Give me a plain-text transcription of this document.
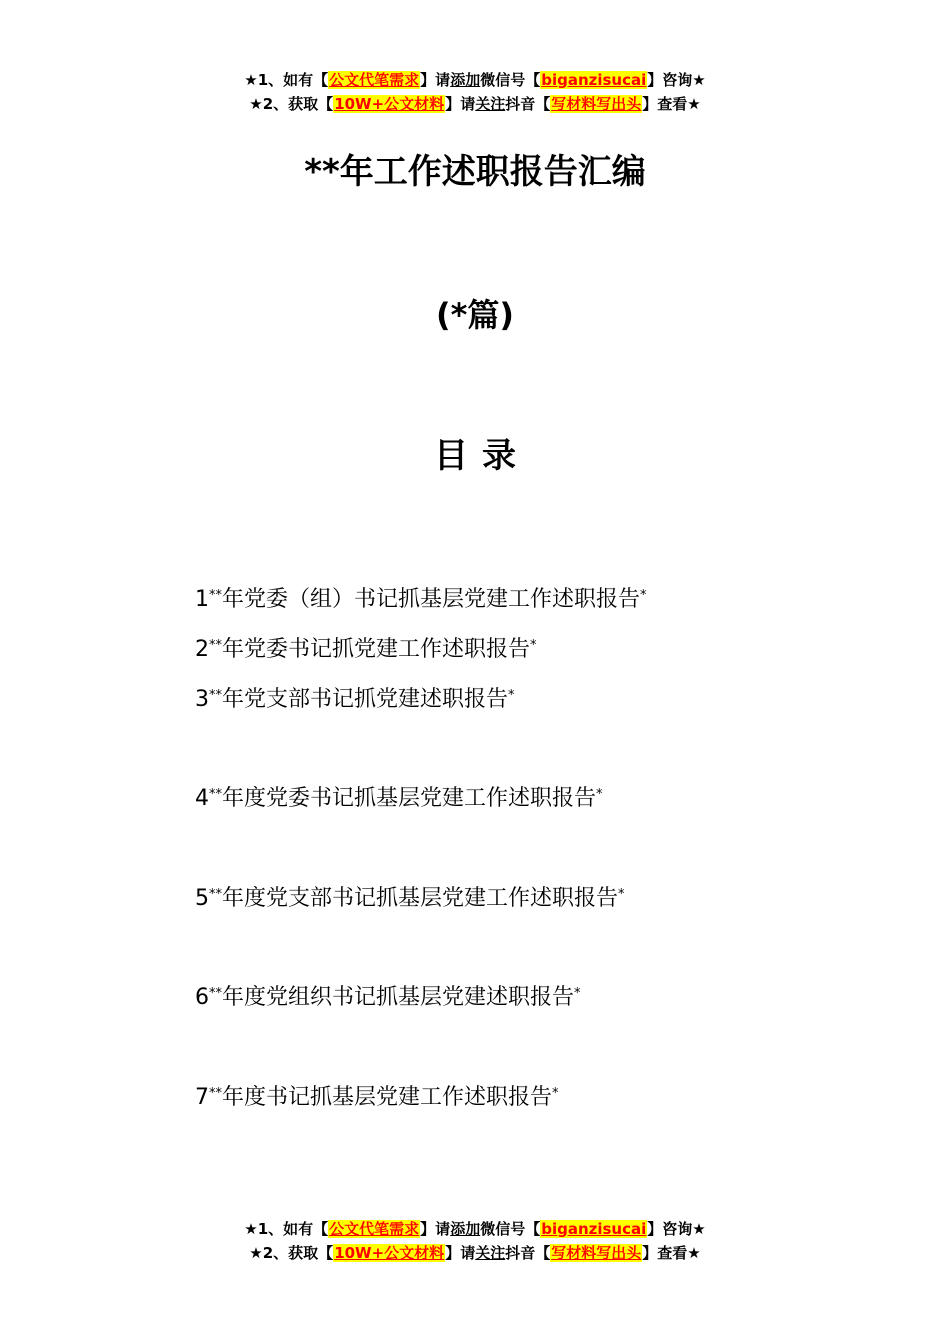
★1、如有【公文代笔需求】请添加微信号【biganzisucai】咨询★
★2、获取【10W+公文材料】请关注抖音【写材料写出头】查看★
**年工作述职报告汇编
(*篇)
目录
1**年党委（组）书记抓基层党建工作述职报告*
2**年党委书记抓党建工作述职报告*
3**年党支部书记抓党建述职报告*
4**年度党委书记抓基层党建工作述职报告*
5**年度党支部书记抓基层党建工作述职报告*
6**年度党组织书记抓基层党建述职报告*
7**年度书记抓基层党建工作述职报告*
★1、如有【公文代笔需求】请添加微信号【biganzisucai】咨询★
★2、获取【10W+公文材料】请关注抖音【写材料写出头】查看★
